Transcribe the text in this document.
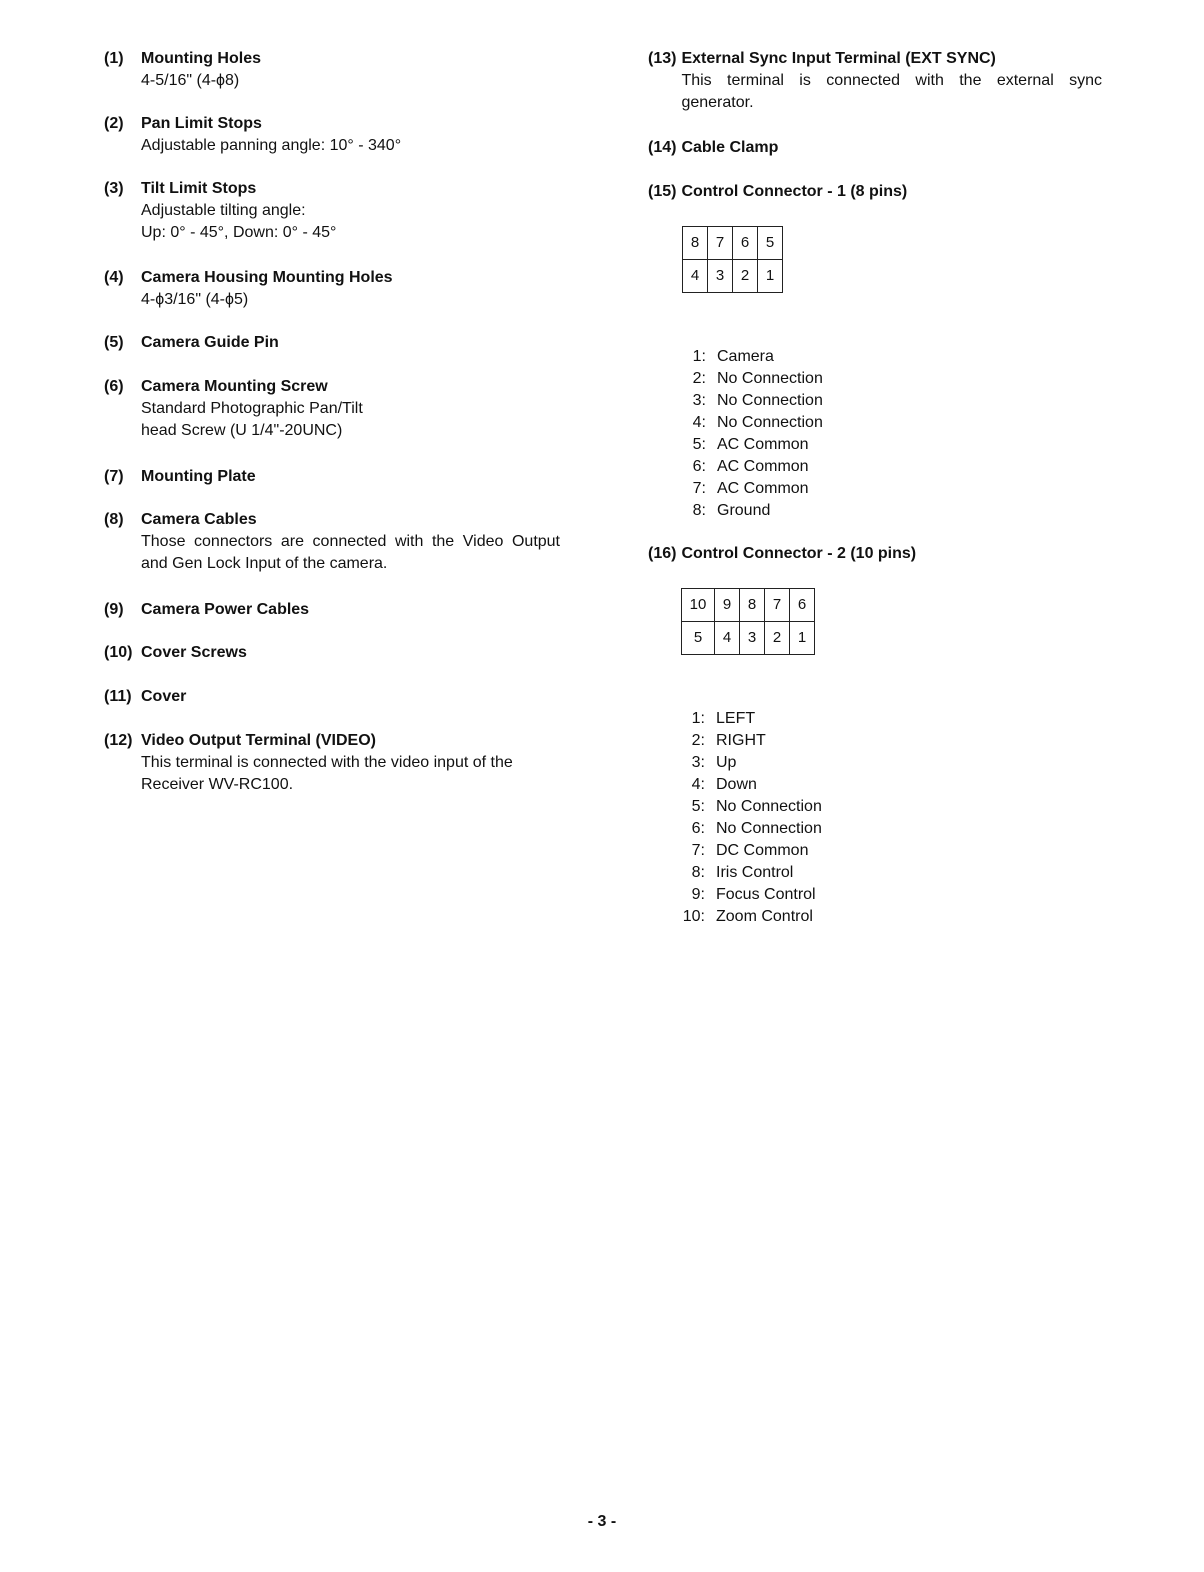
(1)	Mounting Holes
4-5/16" (4-ϕ8)
(2)	Pan Limit Stops
Adjustable panning angle: 10° - 340°
(3)	Tilt Limit Stops
Adjustable tilting angle:
Up: 0° - 45°, Down: 0° - 45°
(4)	Camera Housing Mounting Holes
4-ϕ3/16" (4-ϕ5)
(5)	Camera Guide Pin
(6)	Camera Mounting Screw
Standard Photographic Pan/Tilt
head Screw (U 1/4"-20UNC)
(7)	Mounting Plate
(8)	Camera Cables
Those connectors are connected with the Video Output and Gen Lock Input of the camera.
(9)	Camera Power Cables
(10) Cover Screws
(11) Cover
(12) Video Output Terminal (VIDEO)
This terminal is connected with the video input of the Receiver WV-RC100.
(13) External Sync Input Terminal (EXT SYNC)
This terminal is connected with the external sync generator.
(14) Cable Clamp
(15) Control Connector - 1 (8 pins)
(16) Control Connector - 2 (10 pins)
8	7	6	5
4	3	2	1
1: Camera
2: No Connection
3: No Connection
4: No Connection
5: AC Common
6: AC Common
7: AC Common
8: Ground
10	9	8	7	6
5	4	3	2	1
1: LEFT
2: RIGHT
3: Up
4: Down
5: No Connection
6: No Connection
7: DC Common
8: Iris Control
9: Focus Control
10: Zoom Control
- 3 -
